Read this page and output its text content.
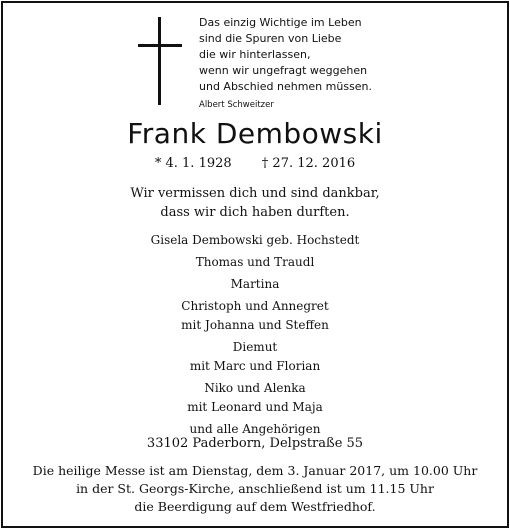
Das einzig Wichtige im Leben
sind die Spuren von Liebe
die wir hinterlassen,
wenn wir ungefragt weggehen
und Abschied nehmen müssen.
Albert Schweitzer
Frank Dembowski
* 4. 1. 1928 † 27. 12. 2016
Wir vermissen dich und sind dankbar,
dass wir dich haben durften.
Gisela Dembowski geb. Hochstedt
Thomas und Traudl
Martina
Christoph und Annegret
mit Johanna und Steffen
Diemut
mit Marc und Florian
Niko und Alenka
mit Leonard und Maja
und alle Angehörigen
33102 Paderborn, Delpstraße 55
Die heilige Messe ist am Dienstag, dem 3. Januar 2017, um 10.00 Uhr
in der St. Georgs-Kirche, anschließend ist um 11.15 Uhr
die Beerdigung auf dem Westfriedhof.
